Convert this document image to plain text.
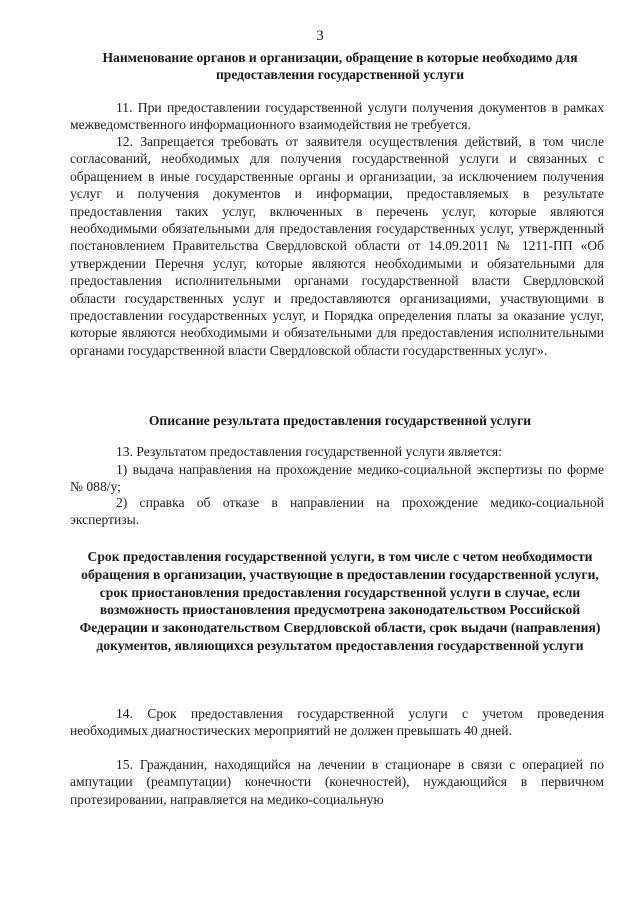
3
Наименование органов и организации, обращение в которые необходимо для предоставления государственной услуги
11. При предоставлении государственной услуги получения документов в рамках межведомственного информационного взаимодействия не требуется.
12. Запрещается требовать от заявителя осуществления действий, в том числе согласований, необходимых для получения государственной услуги и связанных с обращением в иные государственные органы и организации, за исключением получения услуг и получения документов и информации, предоставляемых в результате предоставления таких услуг, включенных в перечень услуг, которые являются необходимыми обязательными для предоставления государственных услуг, утвержденный постановлением Правительства Свердловской области от 14.09.2011 № 1211-ПП «Об утверждении Перечня услуг, которые являются необходимыми и обязательными для предоставления исполнительными органами государственной власти Свердловской области государственных услуг и предоставляются организациями, участвующими в предоставлении государственных услуг, и Порядка определения платы за оказание услуг, которые являются необходимыми и обязательными для предоставления исполнительными органами государственной власти Свердловской области государственных услуг».
Описание результата предоставления государственной услуги
13. Результатом предоставления государственной услуги является:
1) выдача направления на прохождение медико-социальной экспертизы по форме № 088/у;
2) справка об отказе в направлении на прохождение медико-социальной экспертизы.
Срок предоставления государственной услуги, в том числе с четом необходимости обращения в организации, участвующие в предоставлении государственной услуги, срок приостановления предоставления государственной услуги в случае, если возможность приостановления предусмотрена законодательством Российской Федерации и законодательством Свердловской области, срок выдачи (направления) документов, являющихся результатом предоставления государственной услуги
14. Срок предоставления государственной услуги с учетом проведения необходимых диагностических мероприятий не должен превышать 40 дней.
15. Гражданин, находящийся на лечении в стационаре в связи с операцией по ампутации (реампутации) конечности (конечностей), нуждающийся в первичном протезировании, направляется на медико-социальную
